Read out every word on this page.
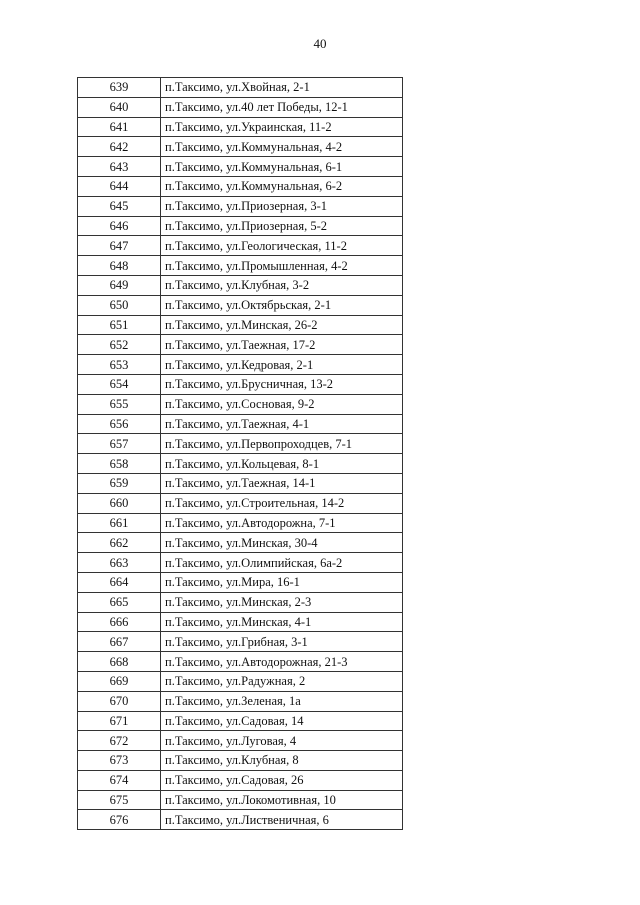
40
639	п.Таксимо, ул.Хвойная, 2-1
640	п.Таксимо, ул.40 лет Победы, 12-1
641	п.Таксимо, ул.Украинская, 11-2
642	п.Таксимо, ул.Коммунальная, 4-2
643	п.Таксимо, ул.Коммунальная, 6-1
644	п.Таксимо, ул.Коммунальная, 6-2
645	п.Таксимо, ул.Приозерная, 3-1
646	п.Таксимо, ул.Приозерная, 5-2
647	п.Таксимо, ул.Геологическая, 11-2
648	п.Таксимо, ул.Промышленная, 4-2
649	п.Таксимо, ул.Клубная, 3-2
650	п.Таксимо, ул.Октябрьская, 2-1
651	п.Таксимо, ул.Минская, 26-2
652	п.Таксимо, ул.Таежная, 17-2
653	п.Таксимо, ул.Кедровая, 2-1
654	п.Таксимо, ул.Брусничная, 13-2
655	п.Таксимо, ул.Сосновая, 9-2
656	п.Таксимо, ул.Таежная, 4-1
657	п.Таксимо, ул.Первопроходцев, 7-1
658	п.Таксимо, ул.Кольцевая, 8-1
659	п.Таксимо, ул.Таежная, 14-1
660	п.Таксимо, ул.Строительная, 14-2
661	п.Таксимо, ул.Автодорожна, 7-1
662	п.Таксимо, ул.Минская, 30-4
663	п.Таксимо, ул.Олимпийская, 6а-2
664	п.Таксимо, ул.Мира, 16-1
665	п.Таксимо, ул.Минская, 2-3
666	п.Таксимо, ул.Минская, 4-1
667	п.Таксимо, ул.Грибная, 3-1
668	п.Таксимо, ул.Автодорожная, 21-3
669	п.Таксимо, ул.Радужная, 2
670	п.Таксимо, ул.Зеленая, 1а
671	п.Таксимо, ул.Садовая, 14
672	п.Таксимо, ул.Луговая, 4
673	п.Таксимо, ул.Клубная, 8
674	п.Таксимо, ул.Садовая, 26
675	п.Таксимо, ул.Локомотивная, 10
676	п.Таксимо, ул.Лиственичная, 6
